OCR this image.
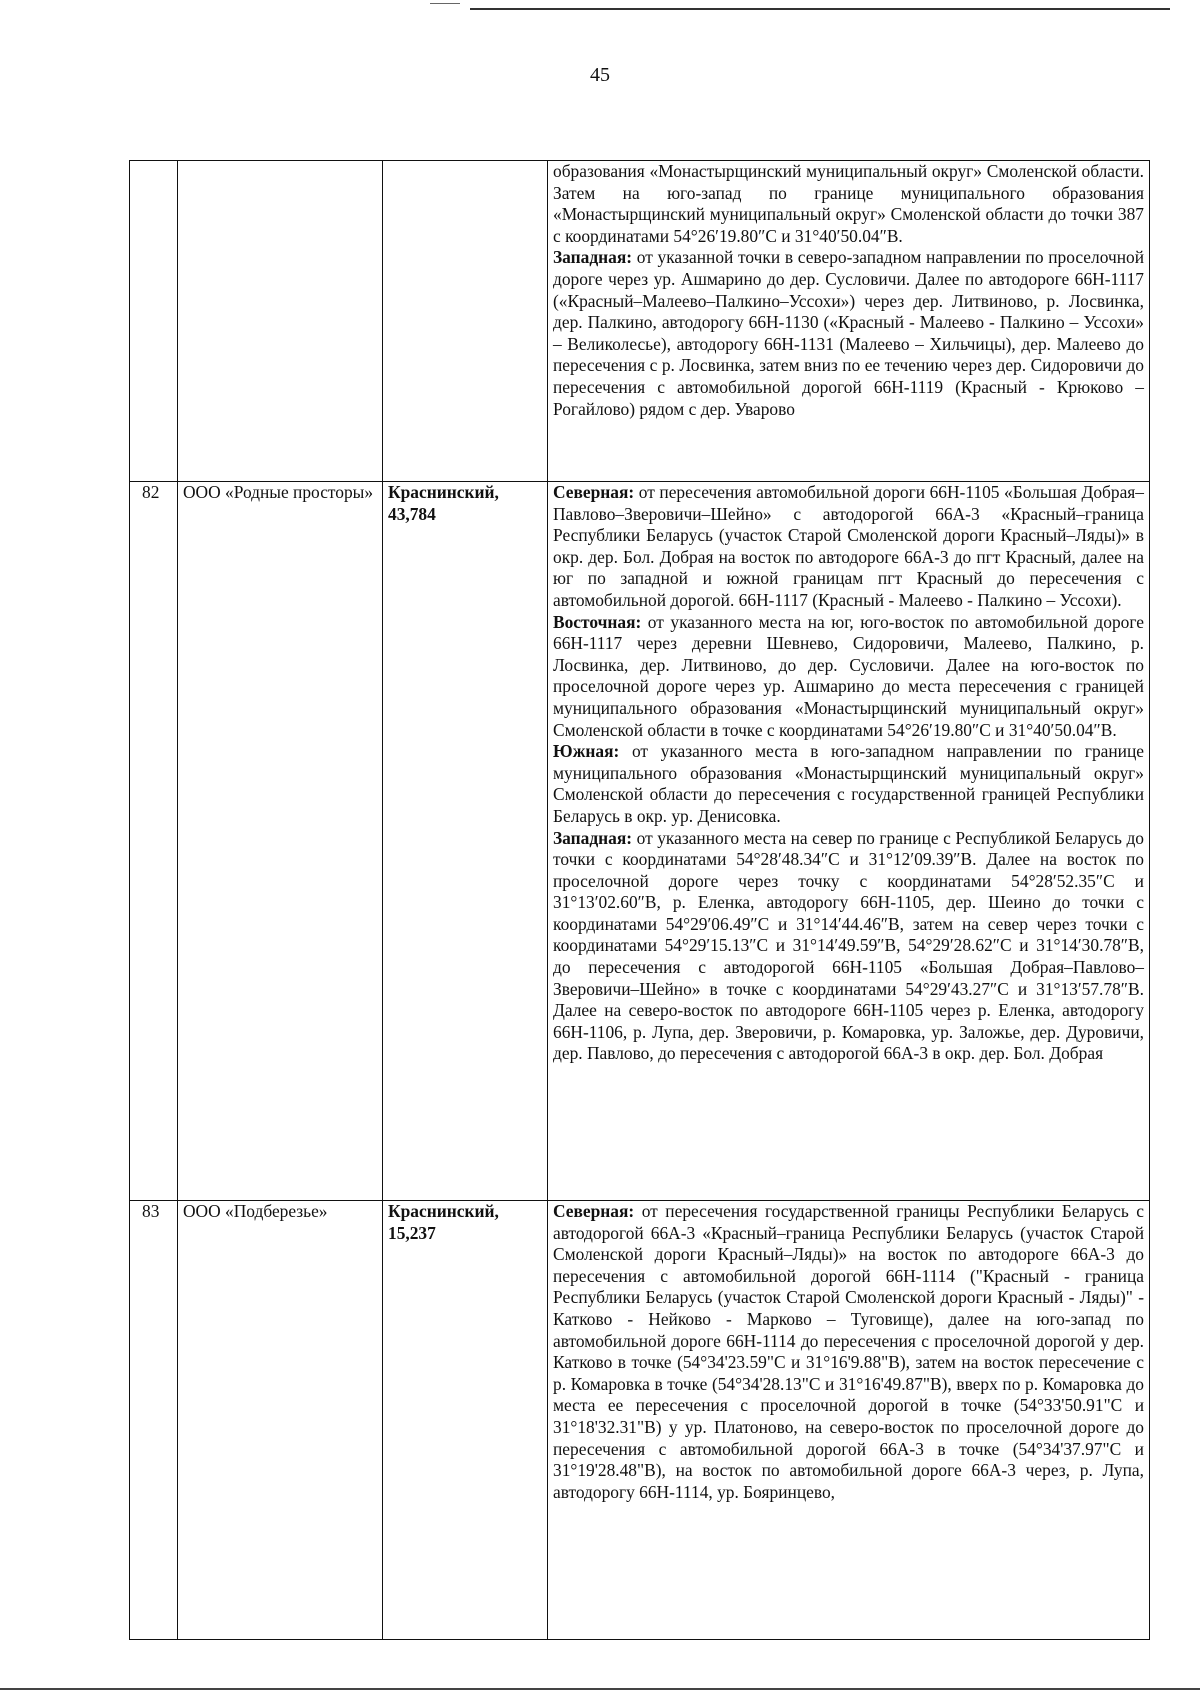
45

			образования «Монастырщинский муниципальный округ» Смоленской области. Затем на юго-запад по границе муниципального образования «Монастырщинский муниципальный округ» Смоленской области до точки 387 с координатами 54°26′19.80″С и 31°40′50.04″В.

Западная: от указанной точки в северо-западном направлении по проселочной дороге через ур. Ашмарино до дер. Сусловичи. Далее по автодороге 66Н-1117 («Красный–Малеево–Палкино–Уссохи») через дер. Литвиново, р. Лосвинка, дер. Палкино, автодорогу 66Н-1130 («Красный - Малеево - Палкино – Уссохи» – Великолесье), автодорогу 66Н-1131 (Малеево – Хильчицы), дер. Малеево до пересечения с р. Лосвинка, затем вниз по ее течению через дер. Сидоровичи до пересечения с автомобильной дорогой 66Н-1119 (Красный - Крюково – Рогайлово) рядом с дер. Уварово

82	ООО «Родные просторы»	Краснинский, 43,784	Северная: от пересечения автомобильной дороги 66Н-1105 «Большая Добрая–Павлово–Зверовичи–Шейно» с автодорогой 66А-3 «Красный–граница Республики Беларусь (участок Старой Смоленской дороги Красный–Ляды)» в окр. дер. Бол. Добрая на восток по автодороге 66А-3 до пгт Красный, далее на юг по западной и южной границам пгт Красный до пересечения с автомобильной дорогой. 66Н-1117 (Красный - Малеево - Палкино – Уссохи).

Восточная: от указанного места на юг, юго-восток по автомобильной дороге 66Н-1117 через деревни Шевнево, Сидоровичи, Малеево, Палкино, р. Лосвинка, дер. Литвиново, до дер. Сусловичи. Далее на юго-восток по проселочной дороге через ур. Ашмарино до места пересечения с границей муниципального образования «Монастырщинский муниципальный округ» Смоленской области в точке с координатами 54°26′19.80″С и 31°40′50.04″В.

Южная: от указанного места в юго-западном направлении по границе муниципального образования «Монастырщинский муниципальный округ» Смоленской области до пересечения с государственной границей Республики Беларусь в окр. ур. Денисовка.

Западная: от указанного места на север по границе с Республикой Беларусь до точки с координатами 54°28′48.34″С и 31°12′09.39″В. Далее на восток по проселочной дороге через точку с координатами 54°28′52.35″С и 31°13′02.60″В, р. Еленка, автодорогу 66Н-1105, дер. Шеино до точки с координатами 54°29′06.49″С и 31°14′44.46″В, затем на север через точки с координатами 54°29′15.13″С и 31°14′49.59″В, 54°29′28.62″С и 31°14′30.78″В, до пересечения с автодорогой 66Н-1105 «Большая Добрая–Павлово–Зверовичи–Шейно» в точке с координатами 54°29′43.27″С и 31°13′57.78″В. Далее на северо-восток по автодороге 66Н-1105 через р. Еленка, автодорогу 66Н-1106, р. Лупа, дер. Зверовичи, р. Комаровка, ур. Заложье, дер. Дуровичи, дер. Павлово, до пересечения с автодорогой 66А-3 в окр. дер. Бол. Добрая

83	ООО «Подберезье»	Краснинский, 15,237	Северная: от пересечения государственной границы Республики Беларусь с автодорогой 66А-3 «Красный–граница Республики Беларусь (участок Старой Смоленской дороги Красный–Ляды)» на восток по автодороге 66А-3 до пересечения с автомобильной дорогой 66Н-1114 ("Красный - граница Республики Беларусь (участок Старой Смоленской дороги Красный - Ляды)" - Катково - Нейково - Марково – Туговище), далее на юго-запад по автомобильной дороге 66Н-1114 до пересечения с проселочной дорогой у дер. Катково в точке (54°34'23.59"С и 31°16'9.88"В), затем на восток пересечение с р. Комаровка в точке (54°34'28.13"С и 31°16'49.87"В), вверх по р. Комаровка до места ее пересечения с проселочной дорогой в точке (54°33'50.91"С и 31°18'32.31"В) у ур. Платоново, на северо-восток по проселочной дороге до пересечения с автомобильной дорогой 66А-3 в точке (54°34'37.97"С и 31°19'28.48"В), на восток по автомобильной дороге 66А-3 через, р. Лупа, автодорогу 66Н-1114, ур. Бояринцево,
